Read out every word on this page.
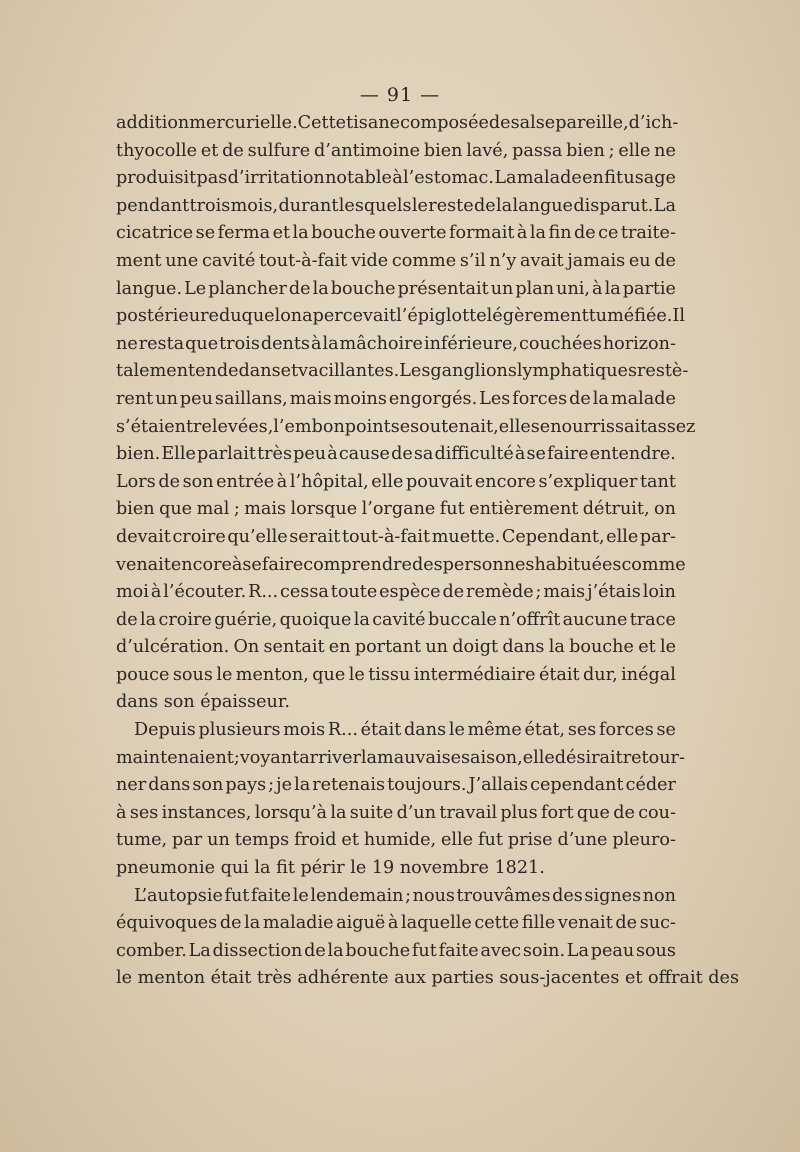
— 91 —
addition mercurielle. Cette tisane composée de salsepareille, d’ich-
thyocolle et de sulfure d’antimoine bien lavé, passa bien ; elle ne
produisit pas d’irritation notable à l’estomac. La malade en fit usage
pendant trois mois, durant lesquels le reste de la langue disparut. La
cicatrice se ferma et la bouche ouverte formait à la fin de ce traite-
ment une cavité tout-à-fait vide comme s’il n’y avait jamais eu de
langue. Le plancher de la bouche présentait un plan uni, à la partie
postérieure duquel on apercevait l’épiglotte légèrement tuméfiée. Il
ne resta que trois dents à la mâchoire inférieure, couchées horizon-
talement en dedans et vacillantes. Les ganglions lymphatiques restè-
rent un peu saillans, mais moins engorgés. Les forces de la malade
s’étaient relevées, l’embonpoint se soutenait, elle se nourrissait assez
bien. Elle parlait très peu à cause de sa difficulté à se faire entendre.
Lors de son entrée à l’hôpital, elle pouvait encore s’expliquer tant
bien que mal ; mais lorsque l’organe fut entièrement détruit, on
devait croire qu’elle serait tout-à-fait muette. Cependant, elle par-
venait encore à se faire comprendre des personnes habituées comme
moi à l’écouter. R... cessa toute espèce de remède ; mais j’étais loin
de la croire guérie, quoique la cavité buccale n’offrît aucune trace
d’ulcération. On sentait en portant un doigt dans la bouche et le
pouce sous le menton, que le tissu intermédiaire était dur, inégal
dans son épaisseur.
Depuis plusieurs mois R... était dans le même état, ses forces se
maintenaient ; voyant arriver la mauvaise saison, elle désirait retour-
ner dans son pays ; je la retenais toujours. J’allais cependant céder
à ses instances, lorsqu’à la suite d’un travail plus fort que de cou-
tume, par un temps froid et humide, elle fut prise d’une pleuro-
pneumonie qui la fit périr le 19 novembre 1821.
L’autopsie fut faite le lendemain ; nous trouvâmes des signes non
équivoques de la maladie aiguë à laquelle cette fille venait de suc-
comber. La dissection de la bouche fut faite avec soin. La peau sous
le menton était très adhérente aux parties sous-jacentes et offrait des
